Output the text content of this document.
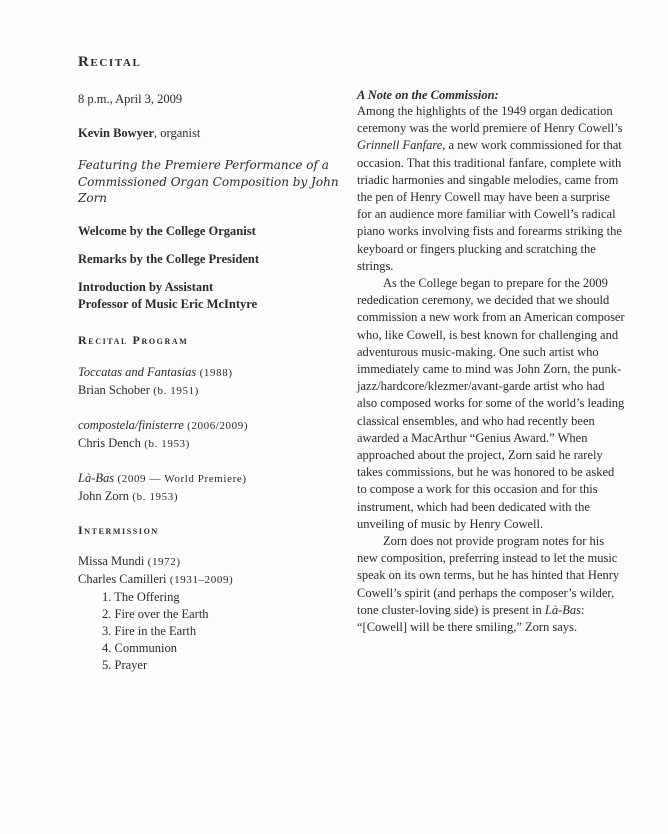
Recital

8 p.m., April 3, 2009

Kevin Bowyer, organist

Featuring the Premiere Performance of a
Commissioned Organ Composition by John Zorn
Welcome by the College Organist
Remarks by the College President
Introduction by Assistant
Professor of Music Eric McIntyre
Recital Program

Toccatas and Fantasias (1988)

Brian Schober (b. 1951)

compostela/finisterre (2006/2009)

Chris Dench (b. 1953)

Là-Bas (2009 — World Premiere)

John Zorn (b. 1953)

Intermission

Missa Mundi (1972)

Charles Camilleri (1931–2009)

1. The Offering
2. Fire over the Earth
3. Fire in the Earth
4. Communion
5. Prayer
A Note on the Commission:

Among the highlights of the 1949 organ dedication ceremony was the world premiere of Henry Cowell’s Grinnell Fanfare, a new work commissioned for that occasion. That this traditional fanfare, complete with triadic harmonies and singable melodies, came from the pen of Henry Cowell may have been a surprise for an audience more familiar with Cowell’s radical piano works involving fists and forearms striking the keyboard or fingers plucking and scratching the strings.

As the College began to prepare for the 2009 rededication ceremony, we decided that we should commission a new work from an American composer who, like Cowell, is best known for challenging and adventurous music-making. One such artist who immediately came to mind was John Zorn, the punk-jazz/hardcore/klezmer/avant-garde artist who had also composed works for some of the world’s leading classical ensembles, and who had recently been awarded a MacArthur “Genius Award.” When approached about the project, Zorn said he rarely takes commissions, but he was honored to be asked to compose a work for this occasion and for this instrument, which had been dedicated with the unveiling of music by Henry Cowell.

Zorn does not provide program notes for his new composition, preferring instead to let the music speak on its own terms, but he has hinted that Henry Cowell’s spirit (and perhaps the composer’s wilder, tone cluster-loving side) is present in Là-Bas: “[Cowell] will be there smiling,” Zorn says.
